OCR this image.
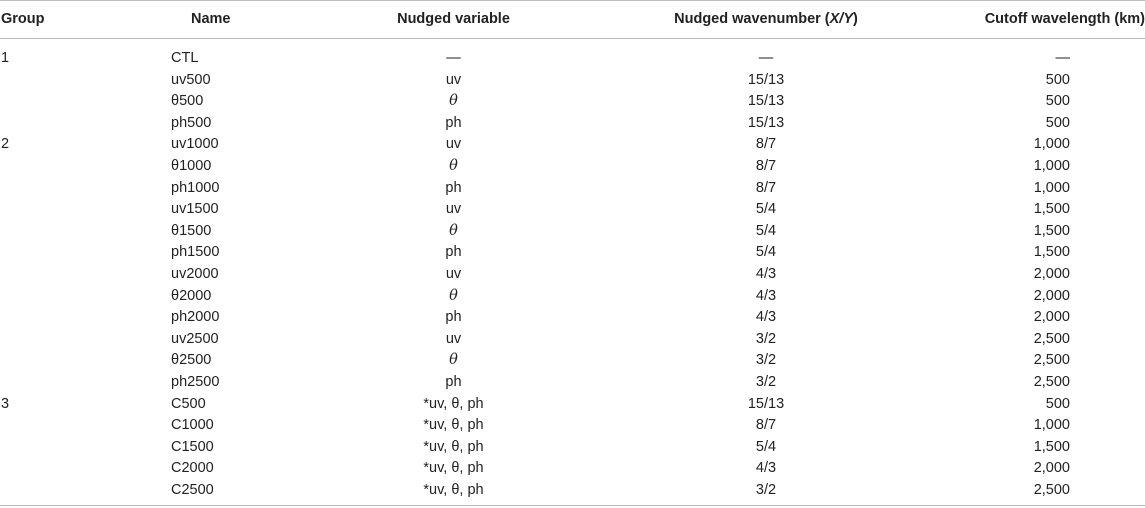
Group	Name	Nudged variable	Nudged wavenumber (X/Y)	Cutoff wavelength (km)
1	CTL	—	—	—
	uv500	uv	15/13	500
	θ500	θ	15/13	500
	ph500	ph	15/13	500
2	uv1000	uv	8/7	1,000
	θ1000	θ	8/7	1,000
	ph1000	ph	8/7	1,000
	uv1500	uv	5/4	1,500
	θ1500	θ	5/4	1,500
	ph1500	ph	5/4	1,500
	uv2000	uv	4/3	2,000
	θ2000	θ	4/3	2,000
	ph2000	ph	4/3	2,000
	uv2500	uv	3/2	2,500
	θ2500	θ	3/2	2,500
	ph2500	ph	3/2	2,500
3	C500	*uv, θ, ph	15/13	500
	C1000	*uv, θ, ph	8/7	1,000
	C1500	*uv, θ, ph	5/4	1,500
	C2000	*uv, θ, ph	4/3	2,000
	C2500	*uv, θ, ph	3/2	2,500
